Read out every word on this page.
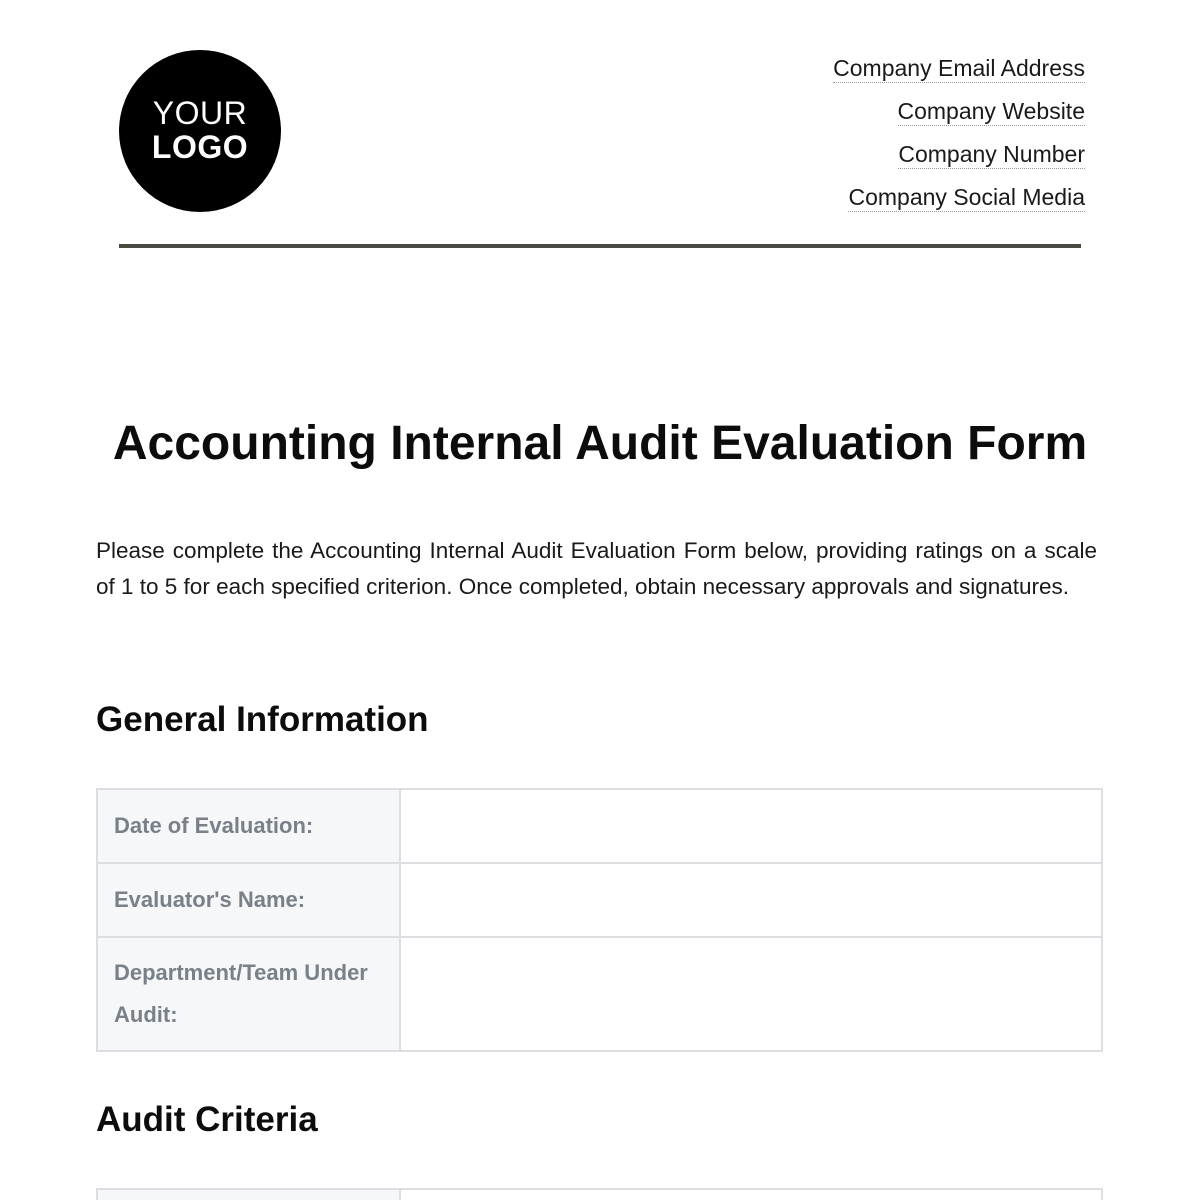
YOUR
LOGO
Company Email Address
Company Website
Company Number
Company Social Media
Accounting Internal Audit Evaluation Form

Please complete the Accounting Internal Audit Evaluation Form below, providing ratings on a scale of 1 to 5 for each specified criterion. Once completed, obtain necessary approvals and signatures.

General Information
Date of Evaluation:	
Evaluator's Name:	
Department/Team Under Audit:	
Audit Criteria
